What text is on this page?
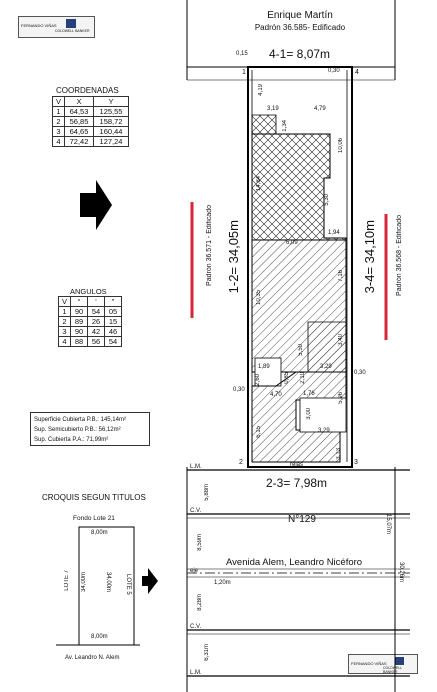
FERNANDO VIÑAS
COLDWELL BANKER
FERNANDO VIÑAS
COLDWELL BANKER
Enrique Martín
Padrón 36.585- Edificado
COORDENADAS
V	X	Y
1	64,53	125,55
2	56,85	158,72
3	64,65	160,44
4	72,42	127,24
ANGULOS
V	°	'	"
1	90	54	05
2	89	26	15
3	90	42	46
4	88	56	54
Superficie Cubierta P.B.: 145,14m²
Sup. Semicubierto P.B.: 56,12m²
Sup. Cubierta P.A.: 71,99m²
1	4
2	3
4-1= 8,07m
1-2= 34,05m	3-4= 34,10m
2-3= 7,98m
Padrón 36.571 - Edificado	Padrón 36.568 - Edificado
rejas
0,15
0,30
4,19
3,19	4,79
1,34
10,06
14,84
5,30
6,09
1,94
7,16
10,35
5,50
3,40
1,89
2,60
3,29
0,85 2,10
0,30
0,30
4,70	1,76
3,00
5,96
6,15	3,29
3,13
L.M.
C.V.
eje
C.V.
L.M.
N°129
Avenida Alem, Leandro Nicéforo
5,88m
8,59m
8,28m
6,31m
15,07m
30,26m
1,20m
CROQUIS SEGUN TITULOS
Fondo Lote 21
8,00m
8,00m
LOTE 7	LOTE 5
34,00m	34,00m
Av. Leandro N. Alem
